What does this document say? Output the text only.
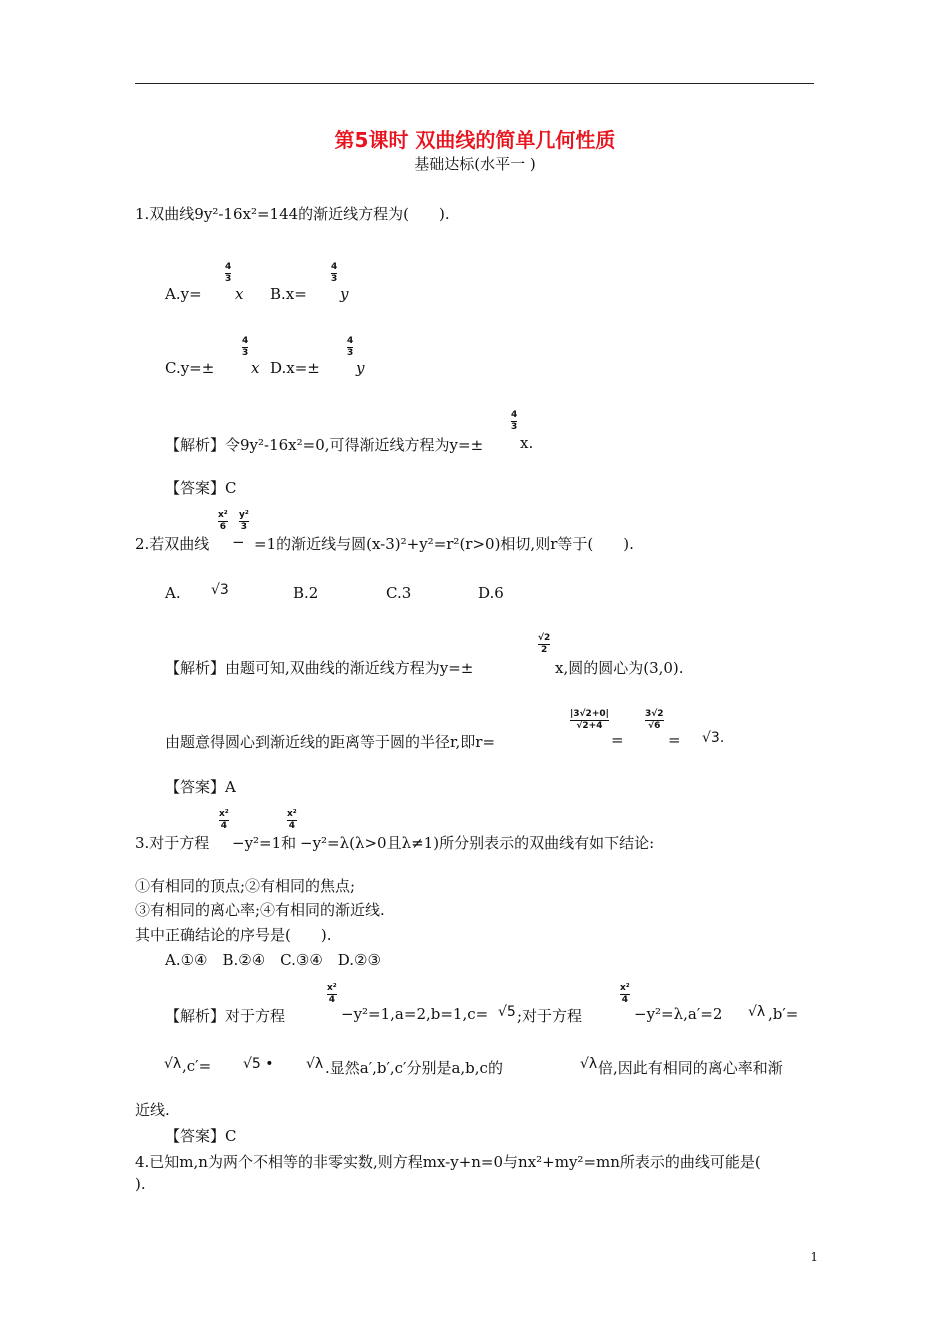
第5课时 双曲线的简单几何性质
基础达标(水平一 )
1.双曲线9y²-16x²=144的渐近线方程为(　　).
A.y=
4
3
x B.x=
4
3
y
C.y=±
4
3
x D.x=±
4
3
y
【解析】令9y²-16x²=0,可得渐近线方程为y=±
4
3
x.
【答案】C
2.若双曲线
x²
6
−
y²
3
=1的渐近线与圆(x-3)²+y²=r²(r>0)相切,则r等于(　　).
A. √3	B.2	C.3	D.6
【解析】由题可知,双曲线的渐近线方程为y=±
√2
2
x,圆的圆心为(3,0).
由题意得圆心到渐近线的距离等于圆的半径r,即r=
|3√2+0|
√2+4
=
3√2
√6
= √3.
【答案】A
3.对于方程
x²
4
−y²=1和
x²
4
−y²=λ(λ>0且λ≠1)所分别表示的双曲线有如下结论:
①有相同的顶点;②有相同的焦点;
③有相同的离心率;④有相同的渐近线.
其中正确结论的序号是(　　).
A.①④　B.②④　C.③④　D.②③
【解析】对于方程
x²
4
−y²=1,a=2,b=1,c= √5 ;对于方程
x²
4
−y²=λ,a′=2 √λ ,b′=
√λ ,c′= √5 • √λ .显然a′,b′,c′分别是a,b,c的	√λ 倍,因此有相同的离心率和渐
近线.
【答案】C
4.已知m,n为两个不相等的非零实数,则方程mx-y+n=0与nx²+my²=mn所表示的曲线可能是(
).
1
